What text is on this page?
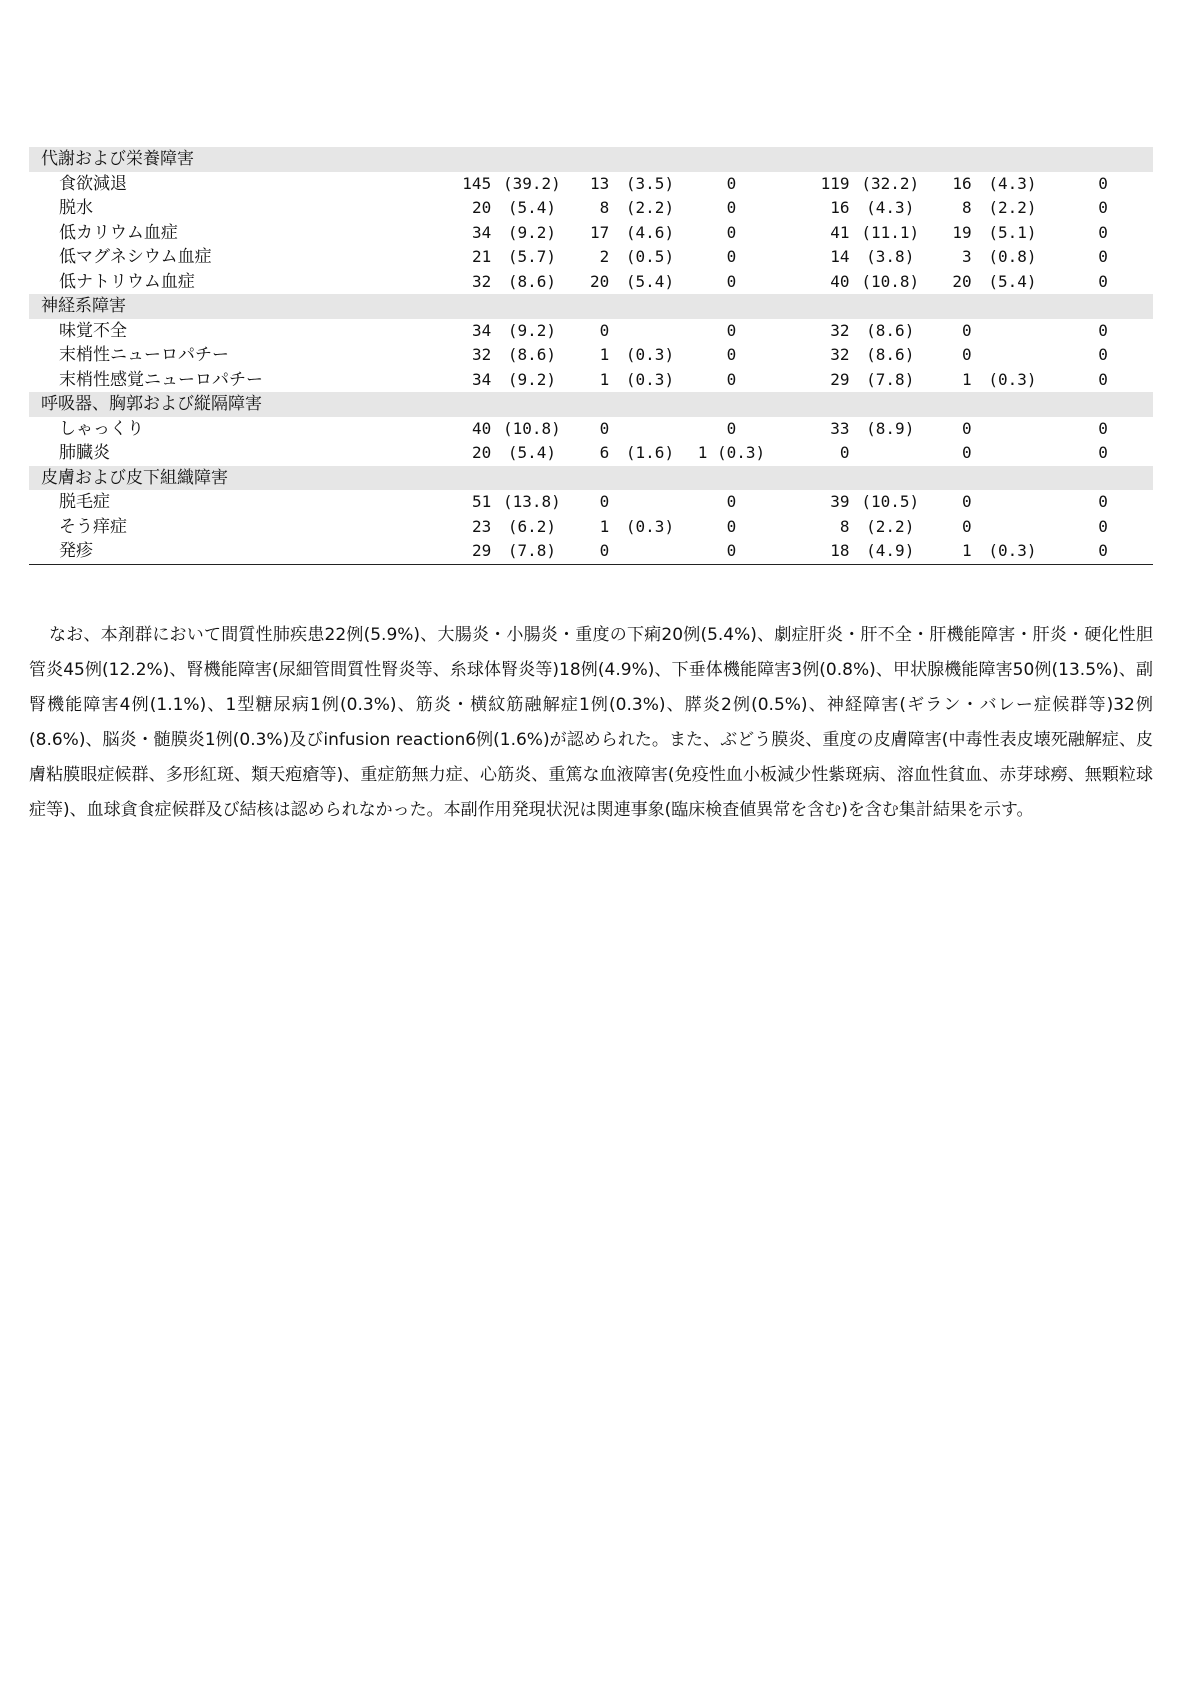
代謝および栄養障害										
食欲減退	145	(39.2)	13	(3.5)	0	119	(32.2)	16	(4.3)	0
脱水	20	(5.4)	8	(2.2)	0	16	(4.3)	8	(2.2)	0
低カリウム血症	34	(9.2)	17	(4.6)	0	41	(11.1)	19	(5.1)	0
低マグネシウム血症	21	(5.7)	2	(0.5)	0	14	(3.8)	3	(0.8)	0
低ナトリウム血症	32	(8.6)	20	(5.4)	0	40	(10.8)	20	(5.4)	0
神経系障害										
味覚不全	34	(9.2)	0		0	32	(8.6)	0		0
末梢性ニューロパチー	32	(8.6)	1	(0.3)	0	32	(8.6)	0		0
末梢性感覚ニューロパチー	34	(9.2)	1	(0.3)	0	29	(7.8)	1	(0.3)	0
呼吸器、胸郭および縦隔障害										
しゃっくり	40	(10.8)	0		0	33	(8.9)	0		0
肺臓炎	20	(5.4)	6	(1.6)	1 (0.3)	0		0		0
皮膚および皮下組織障害										
脱毛症	51	(13.8)	0		0	39	(10.5)	0		0
そう痒症	23	(6.2)	1	(0.3)	0	8	(2.2)	0		0
発疹	29	(7.8)	0		0	18	(4.9)	1	(0.3)	0

なお、本剤群において間質性肺疾患22例(5.9%)、大腸炎・小腸炎・重度の下痢20例(5.4%)、劇症肝炎・肝不全・肝機能障害・肝炎・硬化性胆管炎45例(12.2%)、腎機能障害(尿細管間質性腎炎等、糸球体腎炎等)18例(4.9%)、下垂体機能障害3例(0.8%)、甲状腺機能障害50例(13.5%)、副腎機能障害4例(1.1%)、1型糖尿病1例(0.3%)、筋炎・横紋筋融解症1例(0.3%)、膵炎2例(0.5%)、神経障害(ギラン・バレー症候群等)32例(8.6%)、脳炎・髄膜炎1例(0.3%)及びinfusion reaction6例(1.6%)が認められた。また、ぶどう膜炎、重度の皮膚障害(中毒性表皮壊死融解症、皮膚粘膜眼症候群、多形紅斑、類天疱瘡等)、重症筋無力症、心筋炎、重篤な血液障害(免疫性血小板減少性紫斑病、溶血性貧血、赤芽球癆、無顆粒球症等)、血球貪食症候群及び結核は認められなかった。本副作用発現状況は関連事象(臨床検査値異常を含む)を含む集計結果を示す。
